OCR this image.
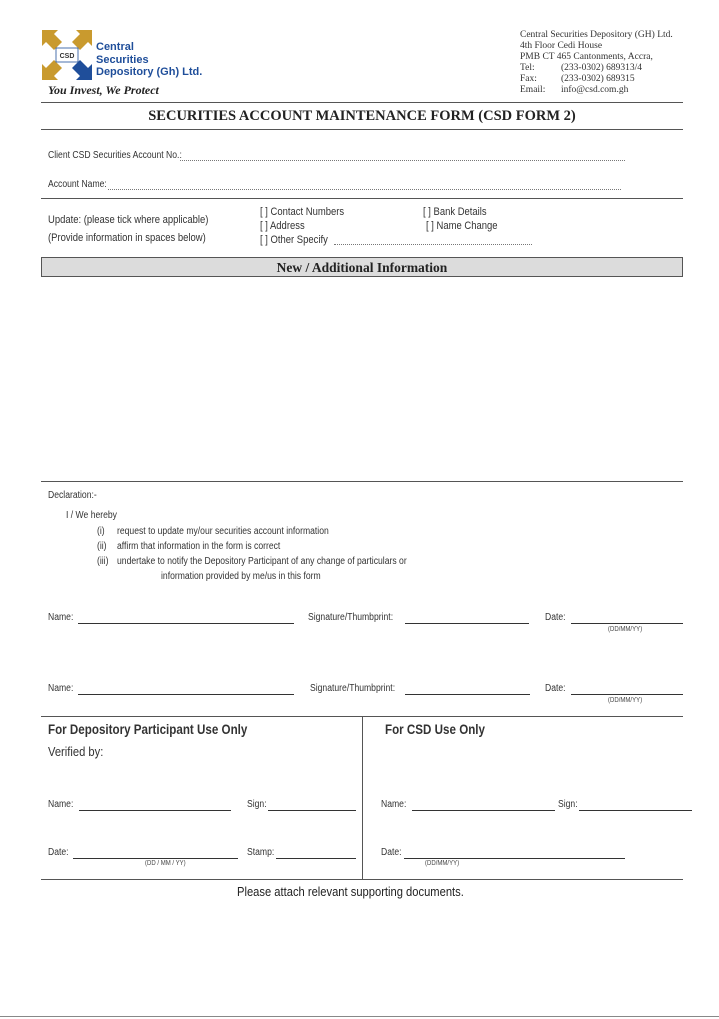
CSD
Central
Securities
Depository (Gh) Ltd.
You Invest, We Protect
Central Securities Depository (GH) Ltd.
4th Floor Cedi House
PMB CT 465 Cantonments, Accra,
Tel:	(233-0302) 689313/4
Fax:	(233-0302) 689315
Email: info@csd.com.gh
SECURITIES ACCOUNT MAINTENANCE FORM (CSD FORM 2)
Client CSD Securities Account No.:
Account Name:
Update: (please tick where applicable)
(Provide information in spaces below)
[ ] Contact Numbers
[ ] Address
[ ] Other Specify
[ ] Bank Details
[ ] Name Change
New / Additional Information
Declaration:-
I / We hereby
(i) request to update my/our securities account information
(ii) affirm that information in the form is correct
(iii) undertake to notify the Depository Participant of any change of particulars or
information provided by me/us in this form
Name:	Signature/Thumbprint:	Date:
(DD/MM/YY)
Name:	Signature/Thumbprint:	Date:
(DD/MM/YY)
For Depository Participant Use Only
Verified by:
Name:	Sign:
Date:
(DD / MM / YY)
Stamp:
For CSD Use Only
Name:	Sign:
Date:
(DD/MM/YY)
Please attach relevant supporting documents.
